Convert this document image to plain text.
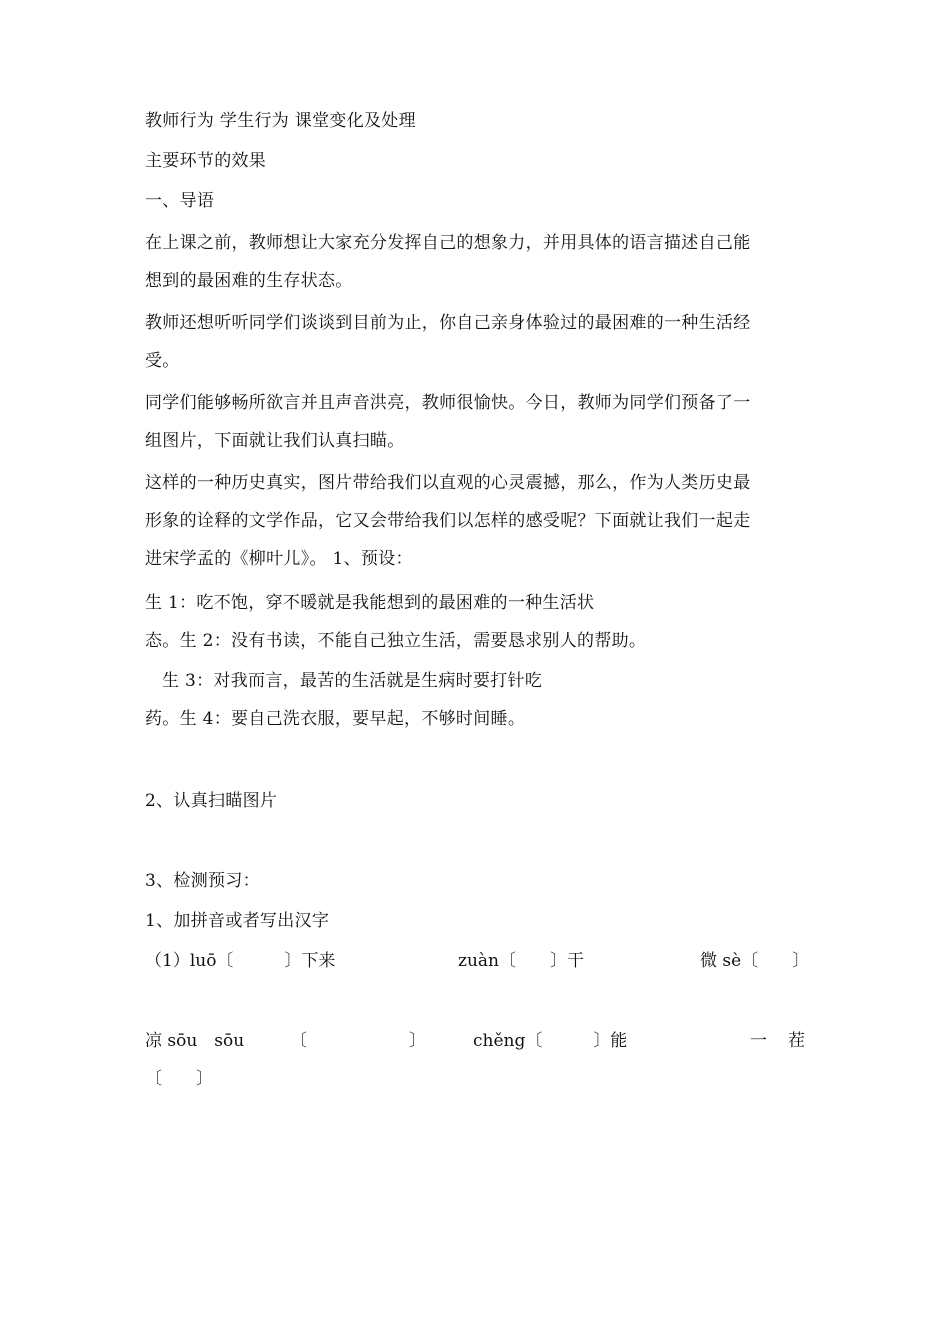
教师行为 学生行为 课堂变化及处理
主要环节的效果
一、导语
在上课之前，教师想让大家充分发挥自己的想象力，并用具体的语言描述自己能
想到的最困难的生存状态。
教师还想听听同学们谈谈到目前为止，你自己亲身体验过的最困难的一种生活经
受。
同学们能够畅所欲言并且声音洪亮，教师很愉快。今日，教师为同学们预备了一
组图片，下面就让我们认真扫瞄。
这样的一种历史真实，图片带给我们以直观的心灵震撼，那么，作为人类历史最
形象的诠释的文学作品，它又会带给我们以怎样的感受呢？下面就让我们一起走
进宋学孟的《柳叶儿》。 1、预设：
生 1：吃不饱，穿不暖就是我能想到的最困难的一种生活状
态。生 2：没有书读，不能自己独立生活，需要恳求别人的帮助。
生 3：对我而言，最苦的生活就是生病时要打针吃
药。生 4：要自己洗衣服，要早起，不够时间睡。
2、认真扫瞄图片
3、检测预习：
1、加拼音或者写出汉字
（1）luō〔　　　〕下来	zuàn〔　　〕干	微 sè〔　　〕
凉 sōu　sōu	〔　　　　　　〕	chěng〔　　　〕能	一 茬
〔　　〕
